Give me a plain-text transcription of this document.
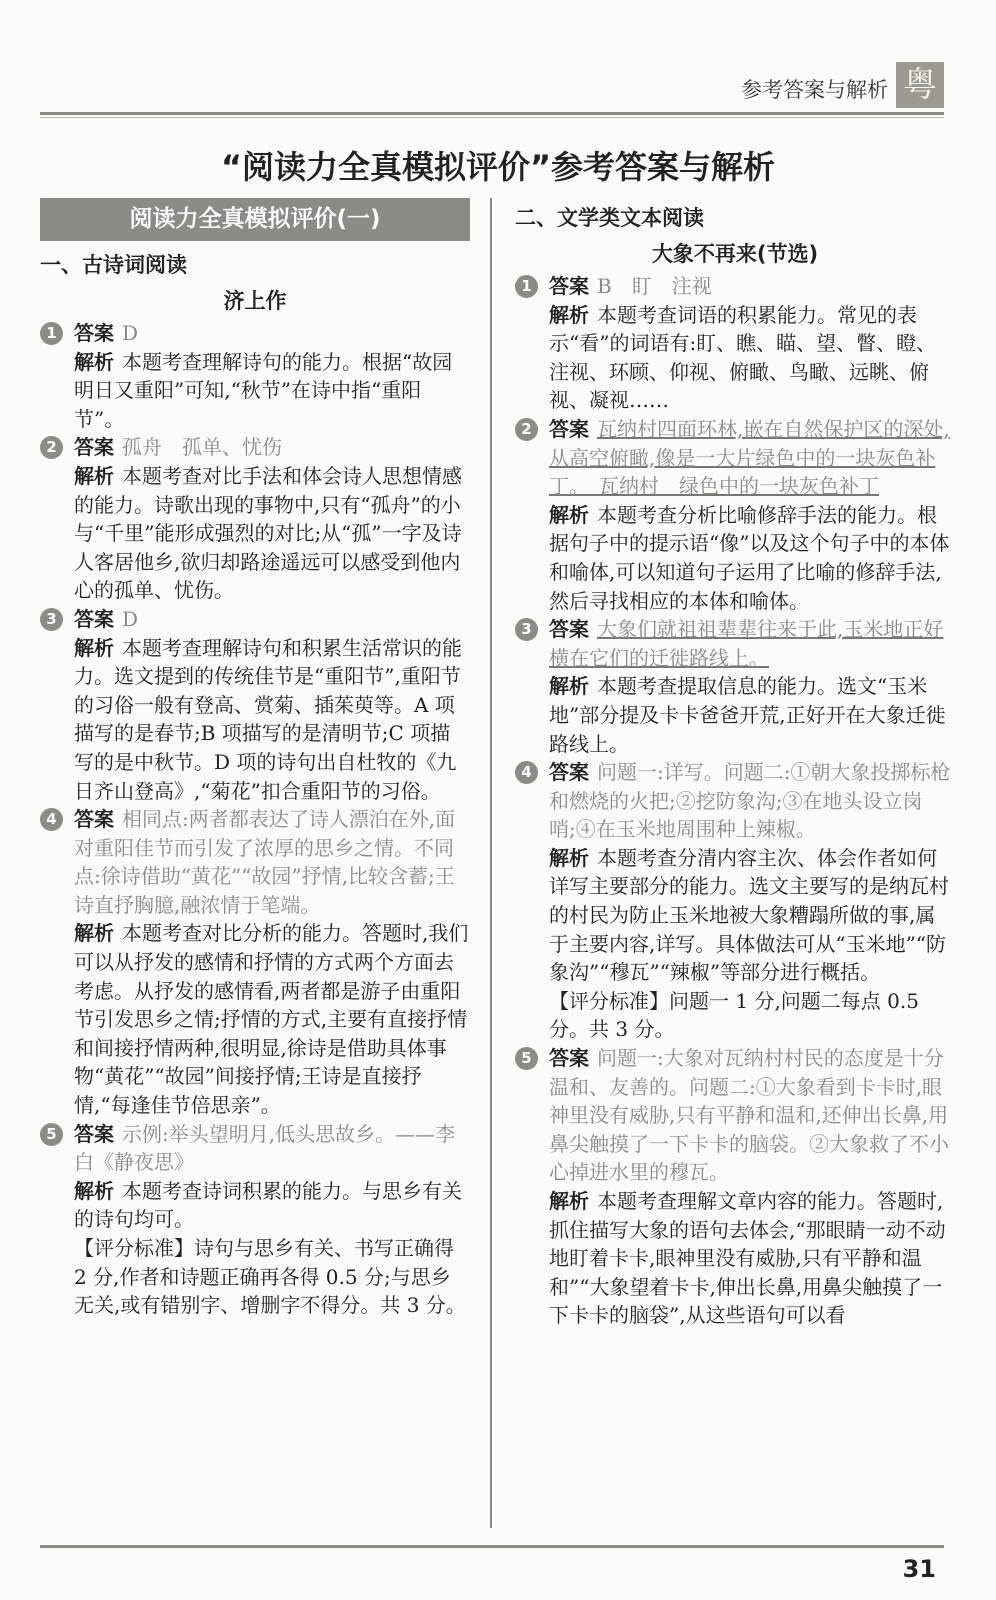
参考答案与解析 粤
“阅读力全真模拟评价”参考答案与解析
阅读力全真模拟评价(一)
一、古诗词阅读
济上作
1 答案 D
解析 本题考查理解诗句的能力。根据“故园明日又重阳”可知,“秋节”在诗中指“重阳节”。
2 答案 孤舟　孤单、忧伤
解析 本题考查对比手法和体会诗人思想情感的能力。诗歌出现的事物中,只有“孤舟”的小与“千里”能形成强烈的对比;从“孤”一字及诗人客居他乡,欲归却路途遥远可以感受到他内心的孤单、忧伤。
3 答案 D
解析 本题考查理解诗句和积累生活常识的能力。选文提到的传统佳节是“重阳节”,重阳节的习俗一般有登高、赏菊、插茱萸等。A 项描写的是春节;B 项描写的是清明节;C 项描写的是中秋节。D 项的诗句出自杜牧的《九日齐山登高》,“菊花”扣合重阳节的习俗。
4 答案 相同点:两者都表达了诗人漂泊在外,面对重阳佳节而引发了浓厚的思乡之情。不同点:徐诗借助“黄花”“故园”抒情,比较含蓄;王诗直抒胸臆,融浓情于笔端。
解析 本题考查对比分析的能力。答题时,我们可以从抒发的感情和抒情的方式两个方面去考虑。从抒发的感情看,两者都是游子由重阳节引发思乡之情;抒情的方式,主要有直接抒情和间接抒情两种,很明显,徐诗是借助具体事物“黄花”“故园”间接抒情;王诗是直接抒情,“每逢佳节倍思亲”。
5 答案 示例:举头望明月,低头思故乡。——李白《静夜思》
解析 本题考查诗词积累的能力。与思乡有关的诗句均可。
【评分标准】诗句与思乡有关、书写正确得 2 分,作者和诗题正确再各得 0.5 分;与思乡无关,或有错别字、增删字不得分。共 3 分。
二、文学类文本阅读
大象不再来(节选)
1 答案 B　盯　注视
解析 本题考查词语的积累能力。常见的表示“看”的词语有:盯、瞧、瞄、望、瞥、瞪、注视、环顾、仰视、俯瞰、鸟瞰、远眺、俯视、凝视……
2 答案 瓦纳村四面环林,嵌在自然保护区的深处,从高空俯瞰,像是一大片绿色中的一块灰色补丁。　瓦纳村　绿色中的一块灰色补丁
解析 本题考查分析比喻修辞手法的能力。根据句子中的提示语“像”以及这个句子中的本体和喻体,可以知道句子运用了比喻的修辞手法,然后寻找相应的本体和喻体。
3 答案 大象们就祖祖辈辈往来于此,玉米地正好横在它们的迁徙路线上。
解析 本题考查提取信息的能力。选文“玉米地”部分提及卡卡爸爸开荒,正好开在大象迁徙路线上。
4 答案 问题一:详写。问题二:①朝大象投掷标枪和燃烧的火把;②挖防象沟;③在地头设立岗哨;④在玉米地周围种上辣椒。
解析 本题考查分清内容主次、体会作者如何详写主要部分的能力。选文主要写的是纳瓦村的村民为防止玉米地被大象糟蹋所做的事,属于主要内容,详写。具体做法可从“玉米地”“防象沟”“穆瓦”“辣椒”等部分进行概括。
【评分标准】问题一 1 分,问题二每点 0.5 分。共 3 分。
5 答案 问题一:大象对瓦纳村村民的态度是十分温和、友善的。问题二:①大象看到卡卡时,眼神里没有威胁,只有平静和温和,还伸出长鼻,用鼻尖触摸了一下卡卡的脑袋。②大象救了不小心掉进水里的穆瓦。
解析 本题考查理解文章内容的能力。答题时,抓住描写大象的语句去体会,“那眼睛一动不动地盯着卡卡,眼神里没有威胁,只有平静和温和”“大象望着卡卡,伸出长鼻,用鼻尖触摸了一下卡卡的脑袋”,从这些语句可以看
31
